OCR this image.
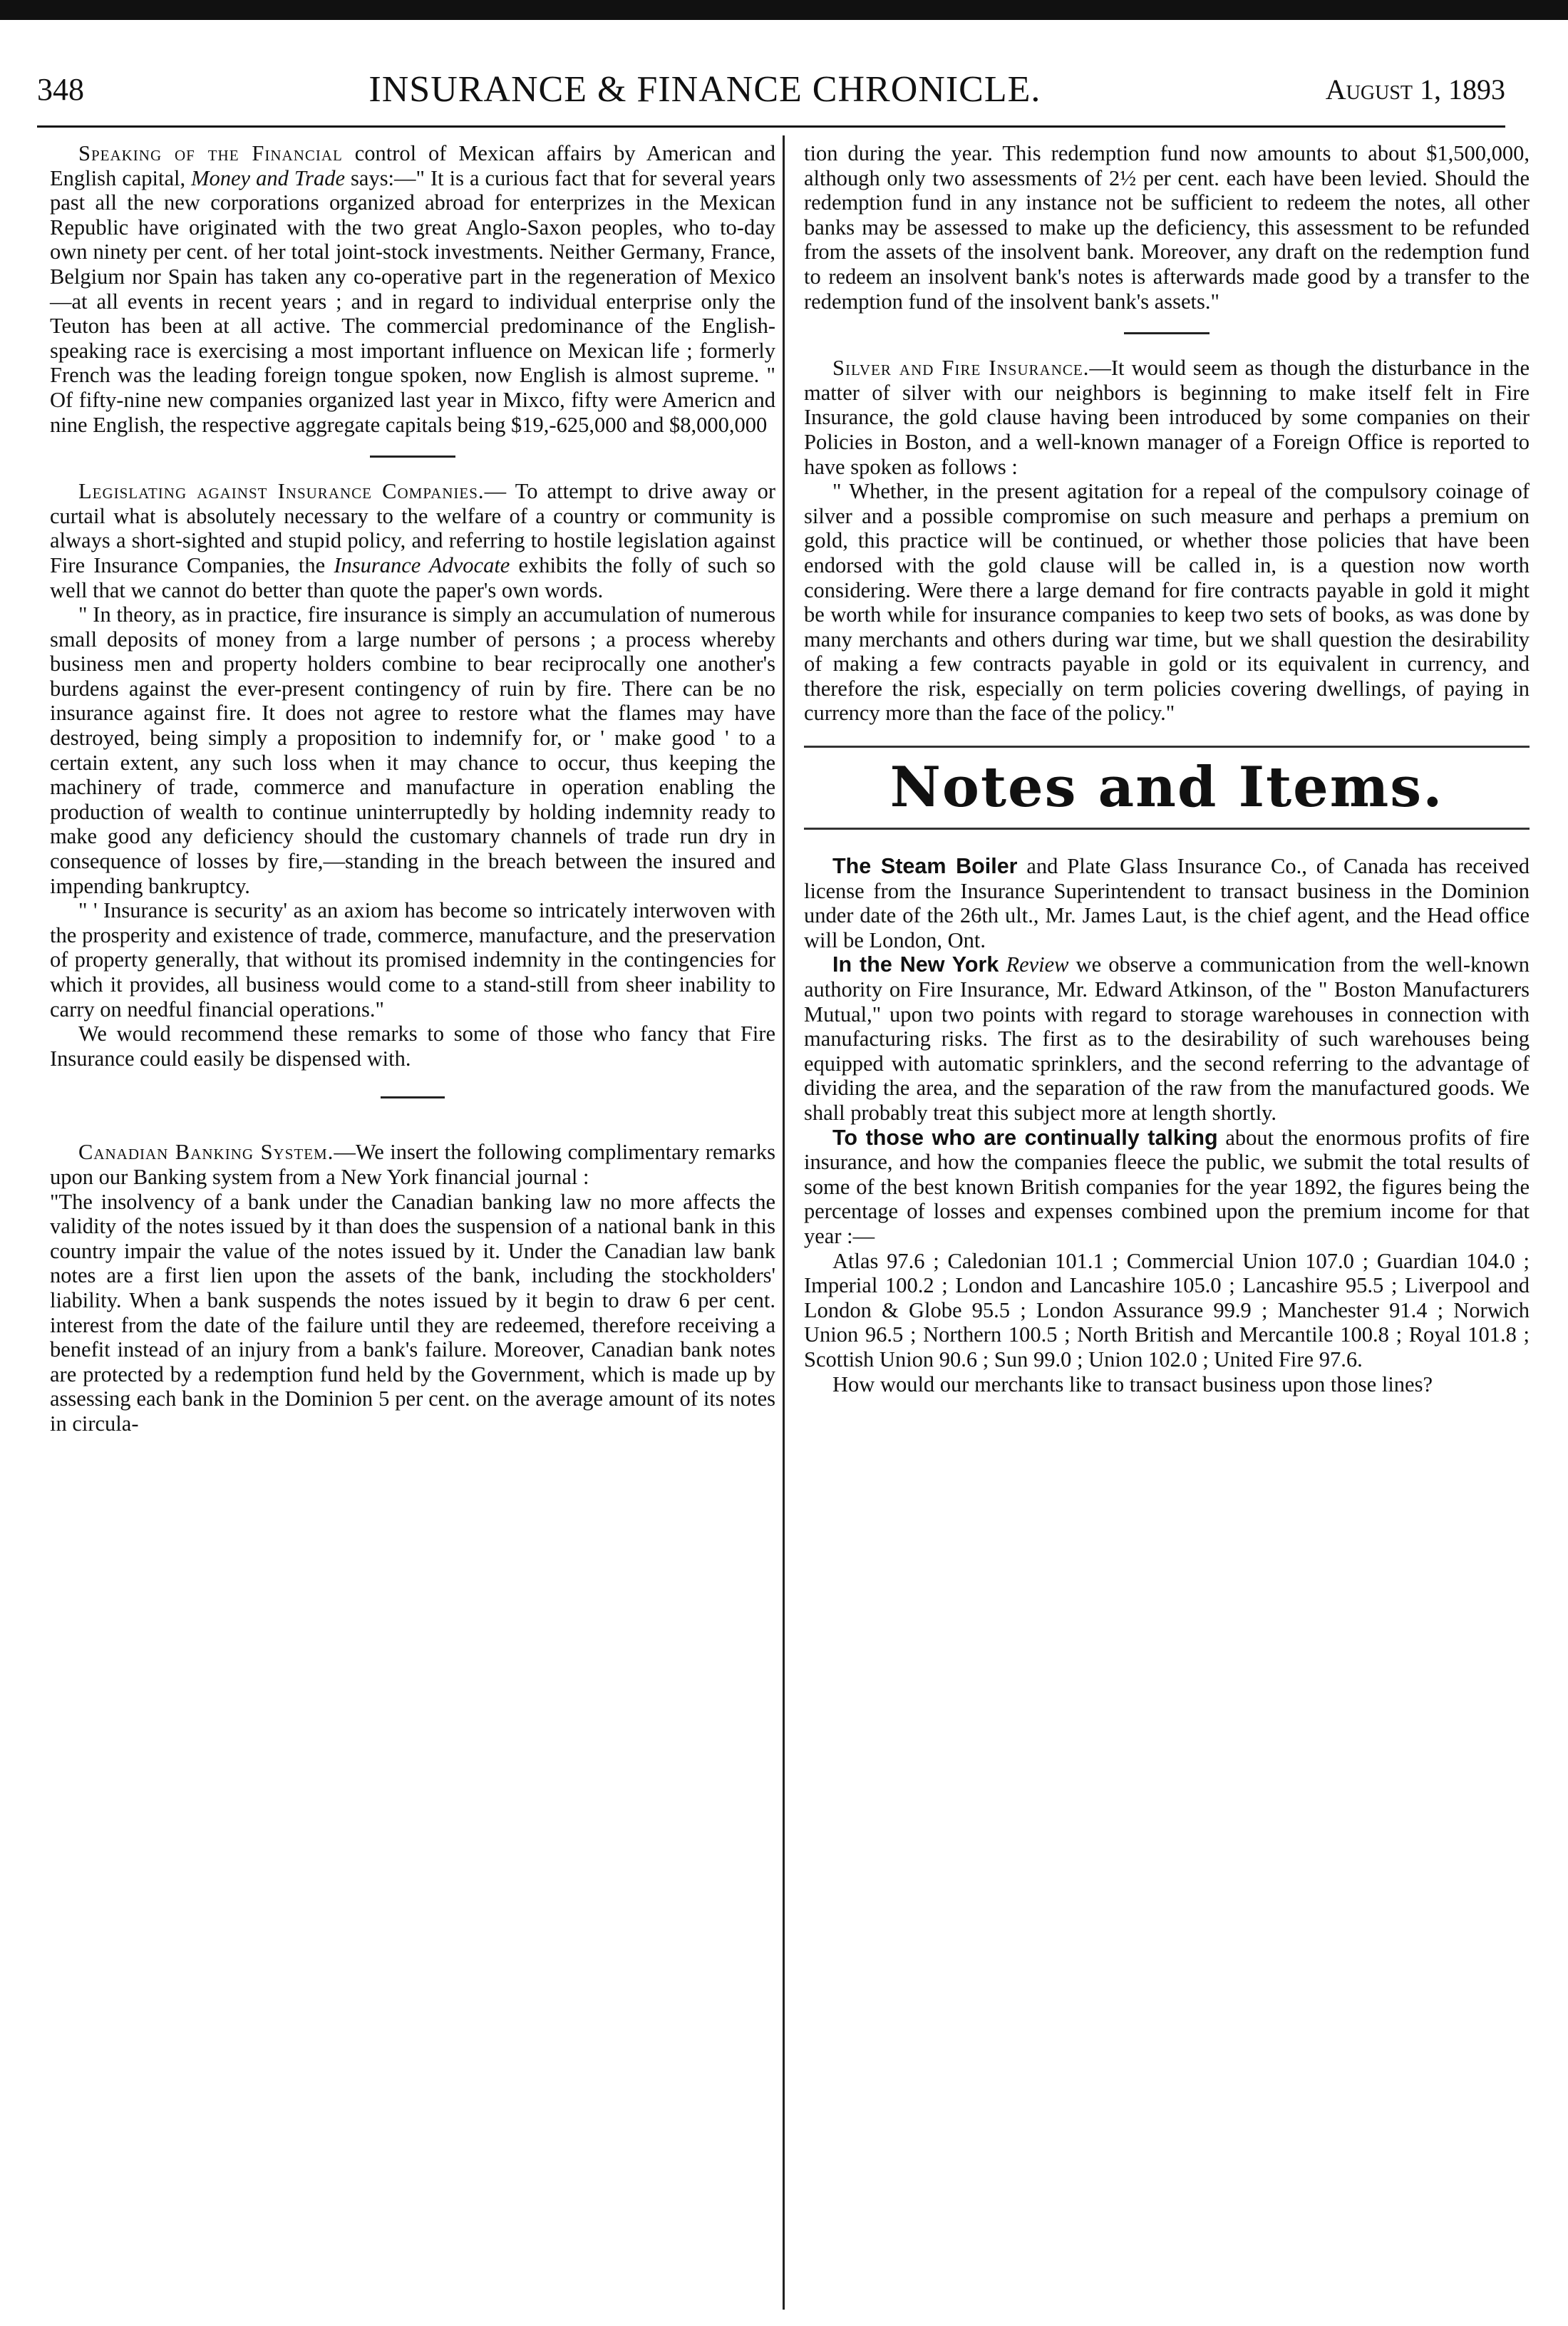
348	INSURANCE & FINANCE CHRONICLE.	August 1, 1893

Speaking of the Financial control of Mexican affairs by American and English capital, Money and Trade says:—" It is a curious fact that for several years past all the new corporations organized abroad for enterprizes in the Mexican Republic have originated with the two great Anglo-Saxon peoples, who to-day own ninety per cent. of her total joint-stock investments. Neither Germany, France, Belgium nor Spain has taken any co-operative part in the regeneration of Mexico—at all events in recent years ; and in regard to individual enterprise only the Teuton has been at all active. The commercial predominance of the English-speaking race is exercising a most important influence on Mexican life ; formerly French was the leading foreign tongue spoken, now English is almost supreme. " Of fifty-nine new companies organized last year in Mixco, fifty were Americn and nine English, the respective aggregate capitals being $19,-625,000 and $8,000,000

Legislating against Insurance Companies.— To attempt to drive away or curtail what is absolutely necessary to the welfare of a country or community is always a short-sighted and stupid policy, and referring to hostile legislation against Fire Insurance Companies, the Insurance Advocate exhibits the folly of such so well that we cannot do better than quote the paper's own words.

" In theory, as in practice, fire insurance is simply an accumulation of numerous small deposits of money from a large number of persons ; a process whereby business men and property holders combine to bear reciprocally one another's burdens against the ever-present contingency of ruin by fire. There can be no insurance against fire. It does not agree to restore what the flames may have destroyed, being simply a proposition to indemnify for, or ' make good ' to a certain extent, any such loss when it may chance to occur, thus keeping the machinery of trade, commerce and manufacture in operation enabling the production of wealth to continue uninterruptedly by holding indemnity ready to make good any deficiency should the customary channels of trade run dry in consequence of losses by fire,—standing in the breach between the insured and impending bankruptcy.

" ' Insurance is security' as an axiom has become so intricately interwoven with the prosperity and existence of trade, commerce, manufacture, and the preservation of property generally, that without its promised indemnity in the contingencies for which it provides, all business would come to a stand-still from sheer inability to carry on needful financial operations."

We would recommend these remarks to some of those who fancy that Fire Insurance could easily be dispensed with.

Canadian Banking System.—We insert the following complimentary remarks upon our Banking system from a New York financial journal :

"The insolvency of a bank under the Canadian banking law no more affects the validity of the notes issued by it than does the suspension of a national bank in this country impair the value of the notes issued by it. Under the Canadian law bank notes are a first lien upon the assets of the bank, including the stockholders' liability. When a bank suspends the notes issued by it begin to draw 6 per cent. interest from the date of the failure until they are redeemed, therefore receiving a benefit instead of an injury from a bank's failure. Moreover, Canadian bank notes are protected by a redemption fund held by the Government, which is made up by assessing each bank in the Dominion 5 per cent. on the average amount of its notes in circula-

tion during the year. This redemption fund now amounts to about $1,500,000, although only two assessments of 2½ per cent. each have been levied. Should the redemption fund in any instance not be sufficient to redeem the notes, all other banks may be assessed to make up the deficiency, this assessment to be refunded from the assets of the insolvent bank. Moreover, any draft on the redemption fund to redeem an insolvent bank's notes is afterwards made good by a transfer to the redemption fund of the insolvent bank's assets."

Silver and Fire Insurance.—It would seem as though the disturbance in the matter of silver with our neighbors is beginning to make itself felt in Fire Insurance, the gold clause having been introduced by some companies on their Policies in Boston, and a well-known manager of a Foreign Office is reported to have spoken as follows :

" Whether, in the present agitation for a repeal of the compulsory coinage of silver and a possible compromise on such measure and perhaps a premium on gold, this practice will be continued, or whether those policies that have been endorsed with the gold clause will be called in, is a question now worth considering. Were there a large demand for fire contracts payable in gold it might be worth while for insurance companies to keep two sets of books, as was done by many merchants and others during war time, but we shall question the desirability of making a few contracts payable in gold or its equivalent in currency, and therefore the risk, especially on term policies covering dwellings, of paying in currency more than the face of the policy."

Notes and Items.

The Steam Boiler and Plate Glass Insurance Co., of Canada has received license from the Insurance Superintendent to transact business in the Dominion under date of the 26th ult., Mr. James Laut, is the chief agent, and the Head office will be London, Ont.

In the New York Review we observe a communication from the well-known authority on Fire Insurance, Mr. Edward Atkinson, of the " Boston Manufacturers Mutual," upon two points with regard to storage warehouses in connection with manufacturing risks. The first as to the desirability of such warehouses being equipped with automatic sprinklers, and the second referring to the advantage of dividing the area, and the separation of the raw from the manufactured goods. We shall probably treat this subject more at length shortly.

To those who are continually talking about the enormous profits of fire insurance, and how the companies fleece the public, we submit the total results of some of the best known British companies for the year 1892, the figures being the percentage of losses and expenses combined upon the premium income for that year :—

Atlas 97.6 ; Caledonian 101.1 ; Commercial Union 107.0 ; Guardian 104.0 ; Imperial 100.2 ; London and Lancashire 105.0 ; Lancashire 95.5 ; Liverpool and London & Globe 95.5 ; London Assurance 99.9 ; Manchester 91.4 ; Norwich Union 96.5 ; Northern 100.5 ; North British and Mercantile 100.8 ; Royal 101.8 ; Scottish Union 90.6 ; Sun 99.0 ; Union 102.0 ; United Fire 97.6.

How would our merchants like to transact business upon those lines?
